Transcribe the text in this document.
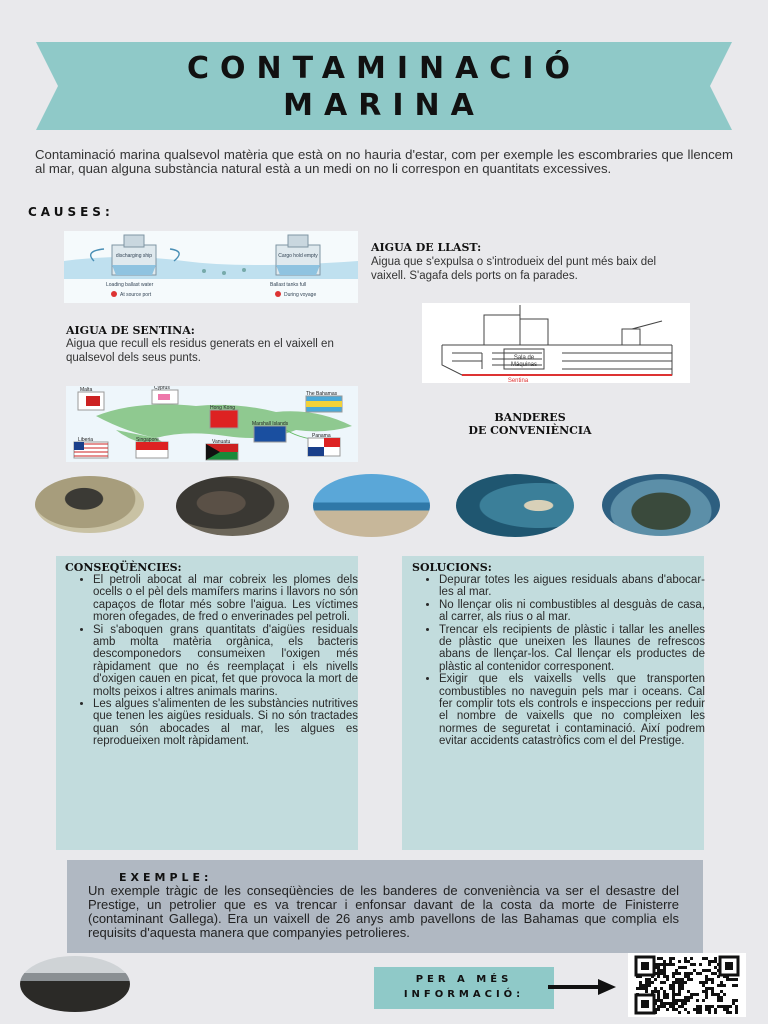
CONTAMINACIÓ
MARINA
Contaminació marina qualsevol matèria que està on no hauria d'estar, com per exemple les escombraries que llencem al mar, quan alguna substància natural està a un medi on no li correspon en quantitats excessives.
CAUSES:
discharging ship	Cargo hold empty
Loading ballast water	Ballast tanks full
At source port	During voyage
AIGUA DE LLAST:
Aigua que s'expulsa o s'introdueix del punt més baix del vaixell. S'agafa dels ports on fa parades.
AIGUA DE SENTINA:
Aigua que recull els residus generats en el vaixell en qualsevol dels seus punts.	Sala de
Máquinas
Sentina
Malta	Cyprus
The Bahamas
Hong Kong
Marshall Islands
Liberia	Singapore	Vanuatu
Panama
BANDERES
DE CONVENIÈNCIA
CONSEQÜÈNCIES:
• El petroli abocat al mar cobreix les plomes dels ocells o el pèl dels mamífers marins i llavors no són capaços de flotar més sobre l'aigua. Les víctimes moren ofegades, de fred o enverinades pel petroli.
• Si s'aboquen grans quantitats d'aigües residuals amb molta matèria orgànica, els bacteris descomponedors consumeixen l'oxigen més ràpidament que no és reemplaçat i els nivells d'oxigen cauen en picat, fet que provoca la mort de molts peixos i altres animals marins.
• Les algues s'alimenten de les substàncies nutritives que tenen les aigües residuals. Si no són tractades quan són abocades al mar, les algues es reprodueixen molt ràpidament.
SOLUCIONS:
• Depurar totes les aigues residuals abans d'abocar-les al mar.
• No llençar olis ni combustibles al desguàs de casa, al carrer, als rius o al mar.
• Trencar els recipients de plàstic i tallar les anelles de plàstic que uneixen les llaunes de refrescos abans de llençar-los. Cal llençar els productes de plàstic al contenidor corresponent.
• Exigir que els vaixells vells que transporten combustibles no naveguin pels mar i oceans. Cal fer complir tots els controls e inspeccions per reduir el nombre de vaixells que no compleixen les normes de seguretat i contaminació. Així podrem evitar accidents catastròfics com el del Prestige.
EXEMPLE:
Un exemple tràgic de les conseqüències de les banderes de conveniència va ser el desastre del Prestige, un petrolier que es va trencar i enfonsar davant de la costa da morte de Finisterre (contaminant Gallega). Era un vaixell de 26 anys amb pavellons de las Bahamas que complia els requisits d'aquesta manera que companyies petrolieres.
PER A MÉS
INFORMACIÓ:
